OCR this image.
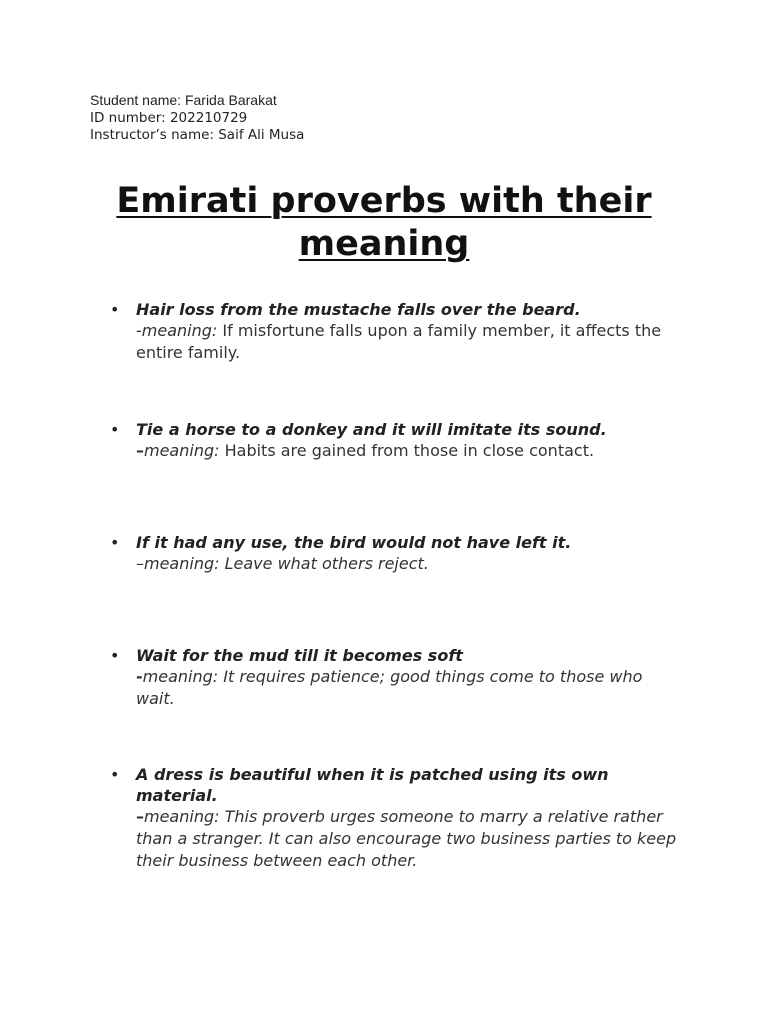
Student name: Farida Barakat
ID number: 202210729
Instructor’s name: Saif Ali Musa
Emirati proverbs with their meaning
• Hair loss from the mustache falls over the beard.
-meaning: If misfortune falls upon a family member, it affects the entire family.
• Tie a horse to a donkey and it will imitate its sound.
–meaning: Habits are gained from those in close contact.
• If it had any use, the bird would not have left it.
–meaning: Leave what others reject.
• Wait for the mud till it becomes soft
-meaning: It requires patience; good things come to those who wait.
• A dress is beautiful when it is patched using its own material.
–meaning: This proverb urges someone to marry a relative rather than a stranger. It can also encourage two business parties to keep their business between each other.
